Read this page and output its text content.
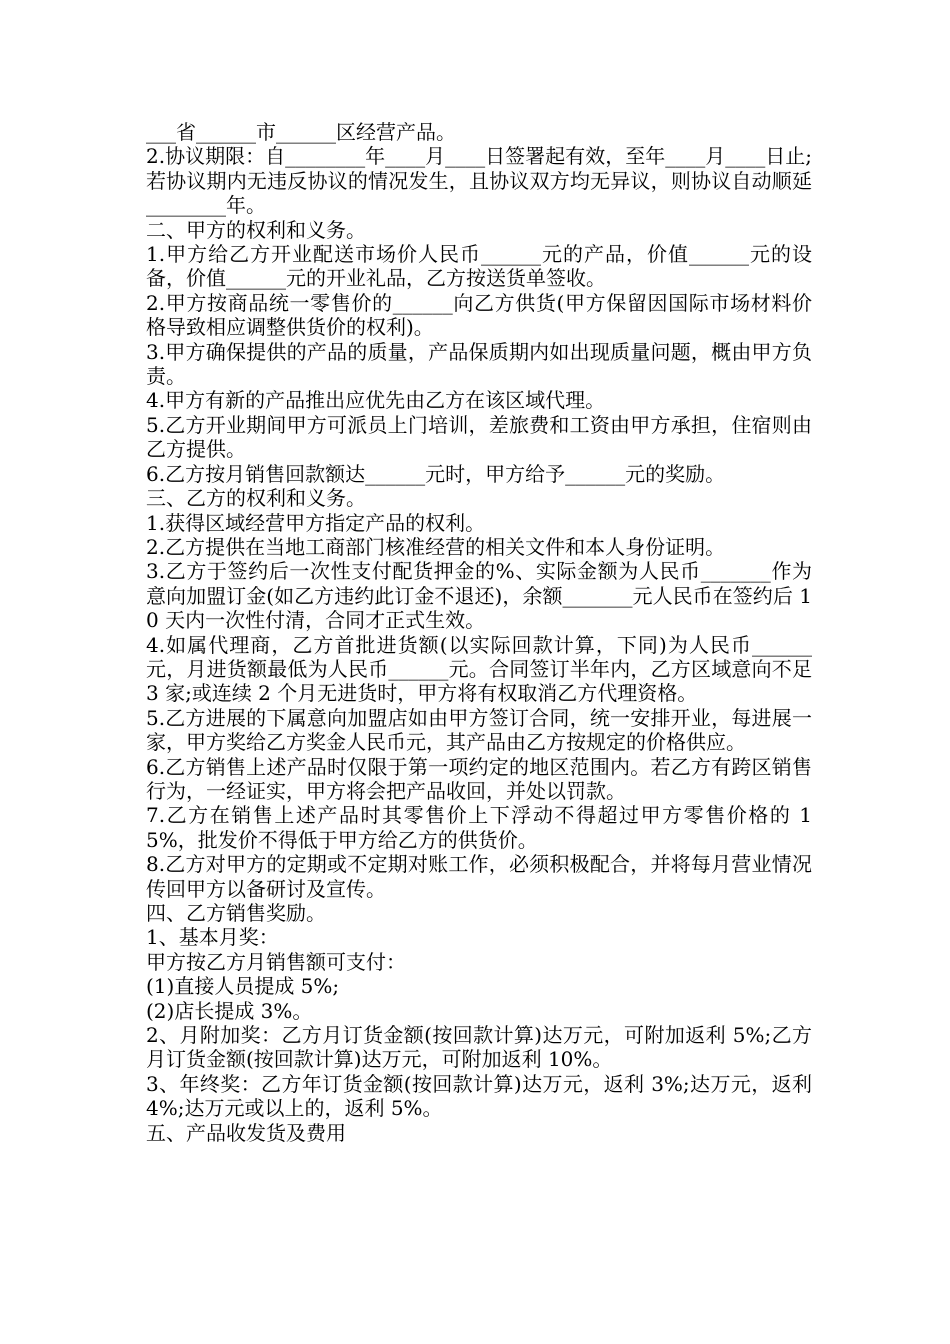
___省______市______区经营产品。

2.协议期限：自________年____月____日签署起有效，至年____月____日止;若协议期内无违反协议的情况发生，且协议双方均无异议，则协议自动顺延________年。

二、甲方的权利和义务。

1.甲方给乙方开业配送市场价人民币______元的产品，价值______元的设备，价值______元的开业礼品，乙方按送货单签收。

2.甲方按商品统一零售价的______向乙方供货(甲方保留因国际市场材料价格导致相应调整供货价的权利)。

3.甲方确保提供的产品的质量，产品保质期内如出现质量问题，概由甲方负责。

4.甲方有新的产品推出应优先由乙方在该区域代理。

5.乙方开业期间甲方可派员上门培训，差旅费和工资由甲方承担，住宿则由乙方提供。

6.乙方按月销售回款额达______元时，甲方给予______元的奖励。

三、乙方的权利和义务。

1.获得区域经营甲方指定产品的权利。

2.乙方提供在当地工商部门核准经营的相关文件和本人身份证明。

3.乙方于签约后一次性支付配货押金的%、实际金额为人民币_______作为意向加盟订金(如乙方违约此订金不退还)，余额_______元人民币在签约后 10 天内一次性付清，合同才正式生效。

4.如属代理商，乙方首批进货额(以实际回款计算，下同)为人民币______元，月进货额最低为人民币______元。合同签订半年内，乙方区域意向不足 3 家;或连续 2 个月无进货时，甲方将有权取消乙方代理资格。

5.乙方进展的下属意向加盟店如由甲方签订合同，统一安排开业，每进展一家，甲方奖给乙方奖金人民币元，其产品由乙方按规定的价格供应。

6.乙方销售上述产品时仅限于第一项约定的地区范围内。若乙方有跨区销售行为，一经证实，甲方将会把产品收回，并处以罚款。

7.乙方在销售上述产品时其零售价上下浮动不得超过甲方零售价格的 15%，批发价不得低于甲方给乙方的供货价。

8.乙方对甲方的定期或不定期对账工作，必须积极配合，并将每月营业情况传回甲方以备研讨及宣传。

四、乙方销售奖励。

1、基本月奖：

甲方按乙方月销售额可支付：

(1)直接人员提成 5%;

(2)店长提成 3%。

2、月附加奖：乙方月订货金额(按回款计算)达万元，可附加返利 5%;乙方月订货金额(按回款计算)达万元，可附加返利 10%。

3、年终奖：乙方年订货金额(按回款计算)达万元，返利 3%;达万元，返利 4%;达万元或以上的，返利 5%。

五、产品收发货及费用
